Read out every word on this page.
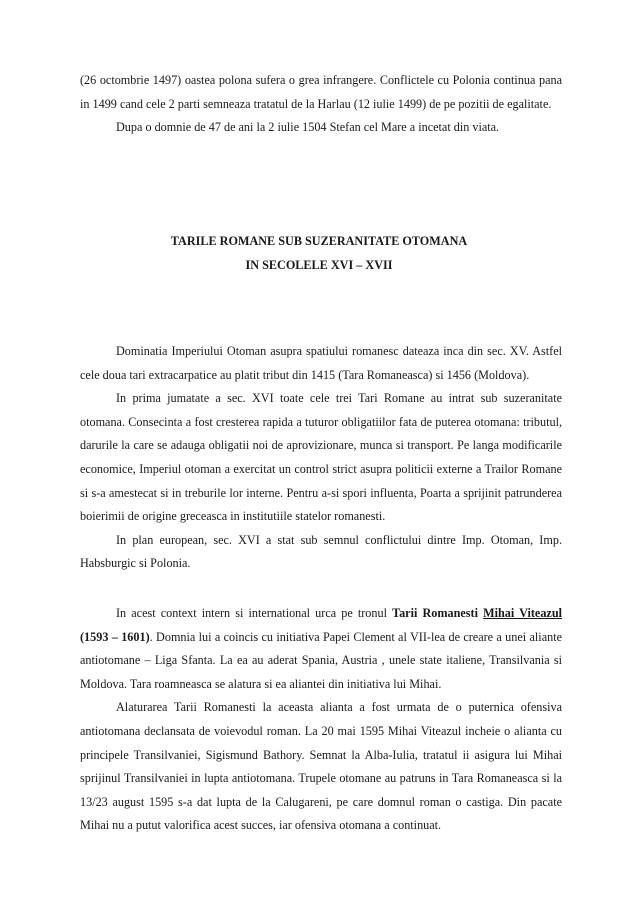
(26 octombrie 1497) oastea polona sufera o grea infrangere. Conflictele cu Polonia continua pana in 1499 cand cele 2 parti semneaza tratatul de la Harlau (12 iulie 1499) de pe pozitii de egalitate.

Dupa o domnie de 47 de ani la 2 iulie 1504 Stefan cel Mare a incetat din viata.

TARILE ROMANE SUB SUZERANITATE OTOMANA
IN SECOLELE XVI – XVII

Dominatia Imperiului Otoman asupra spatiului romanesc dateaza inca din sec. XV. Astfel cele doua tari extracarpatice au platit tribut din 1415 (Tara Romaneasca) si 1456 (Moldova).

In prima jumatate a sec. XVI toate cele trei Tari Romane au intrat sub suzeranitate otomana. Consecinta a fost cresterea rapida a tuturor obligatiilor fata de puterea otomana: tributul, darurile la care se adauga obligatii noi de aprovizionare, munca si transport. Pe langa modificarile economice, Imperiul otoman a exercitat un control strict asupra politicii externe a Trailor Romane si s-a amestecat si in treburile lor interne. Pentru a-si spori influenta, Poarta a sprijinit patrunderea boierimii de origine greceasca in institutiile statelor romanesti.

In plan european, sec. XVI a stat sub semnul conflictului dintre Imp. Otoman, Imp. Habsburgic si Polonia.

In acest context intern si international urca pe tronul Tarii Romanesti Mihai Viteazul (1593 – 1601). Domnia lui a coincis cu initiativa Papei Clement al VII-lea de creare a unei aliante antiotomane – Liga Sfanta. La ea au aderat Spania, Austria , unele state italiene, Transilvania si Moldova. Tara roamneasca se alatura si ea aliantei din initiativa lui Mihai.

Alaturarea Tarii Romanesti la aceasta alianta a fost urmata de o puternica ofensiva antiotomana declansata de voievodul roman. La 20 mai 1595 Mihai Viteazul incheie o alianta cu principele Transilvaniei, Sigismund Bathory. Semnat la Alba-Iulia, tratatul ii asigura lui Mihai sprijinul Transilvaniei in lupta antiotomana. Trupele otomane au patruns in Tara Romaneasca si la 13/23 august 1595 s-a dat lupta de la Calugareni, pe care domnul roman o castiga. Din pacate Mihai nu a putut valorifica acest succes, iar ofensiva otomana a continuat.
